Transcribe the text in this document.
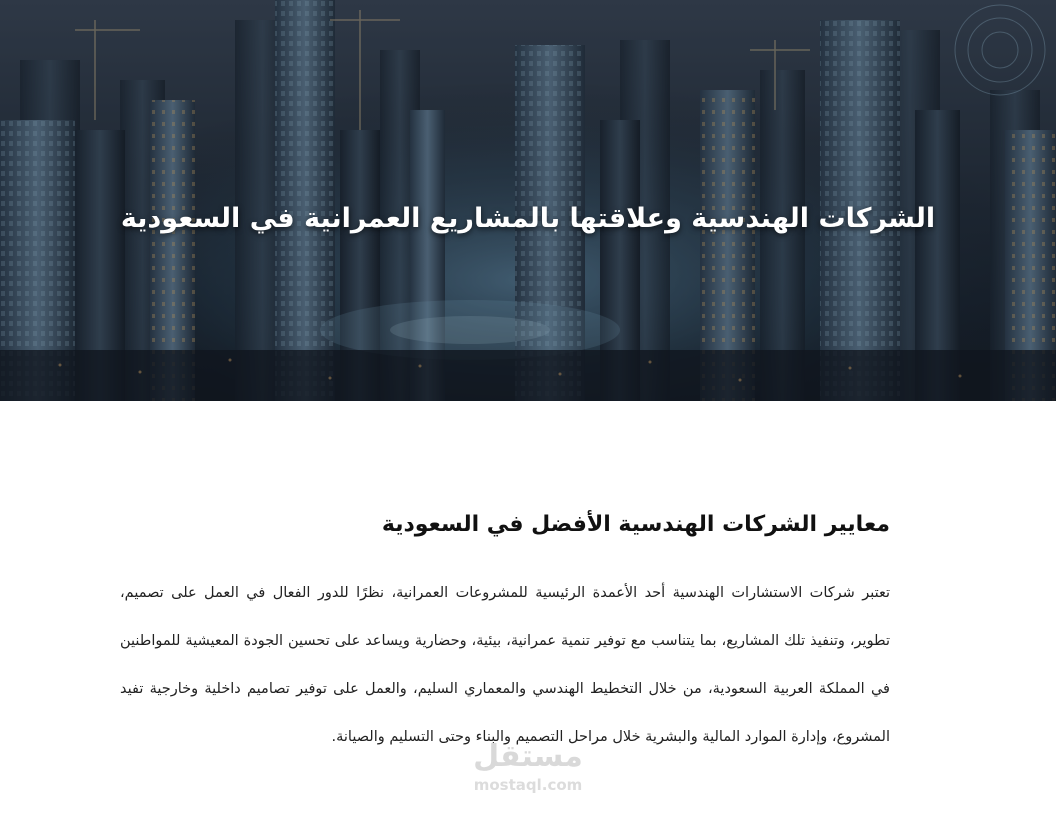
الشركات الهندسية وعلاقتها بالمشاريع العمرانية في السعودية
معايير الشركات الهندسية الأفضل في السعودية

تعتبر شركات الاستشارات الهندسية أحد الأعمدة الرئيسية للمشروعات العمرانية، نظرًا للدور الفعال في العمل على تصميم، تطوير، وتنفيذ تلك المشاريع، بما يتناسب مع توفير تنمية عمرانية، بيئية، وحضارية ويساعد على تحسين الجودة المعيشية للمواطنين في المملكة العربية السعودية، من خلال التخطيط الهندسي والمعماري السليم، والعمل على توفير تصاميم داخلية وخارجية تفيد المشروع، وإدارة الموارد المالية والبشرية خلال مراحل التصميم والبناء وحتى التسليم والصيانة.

مستقل
mostaql.com
